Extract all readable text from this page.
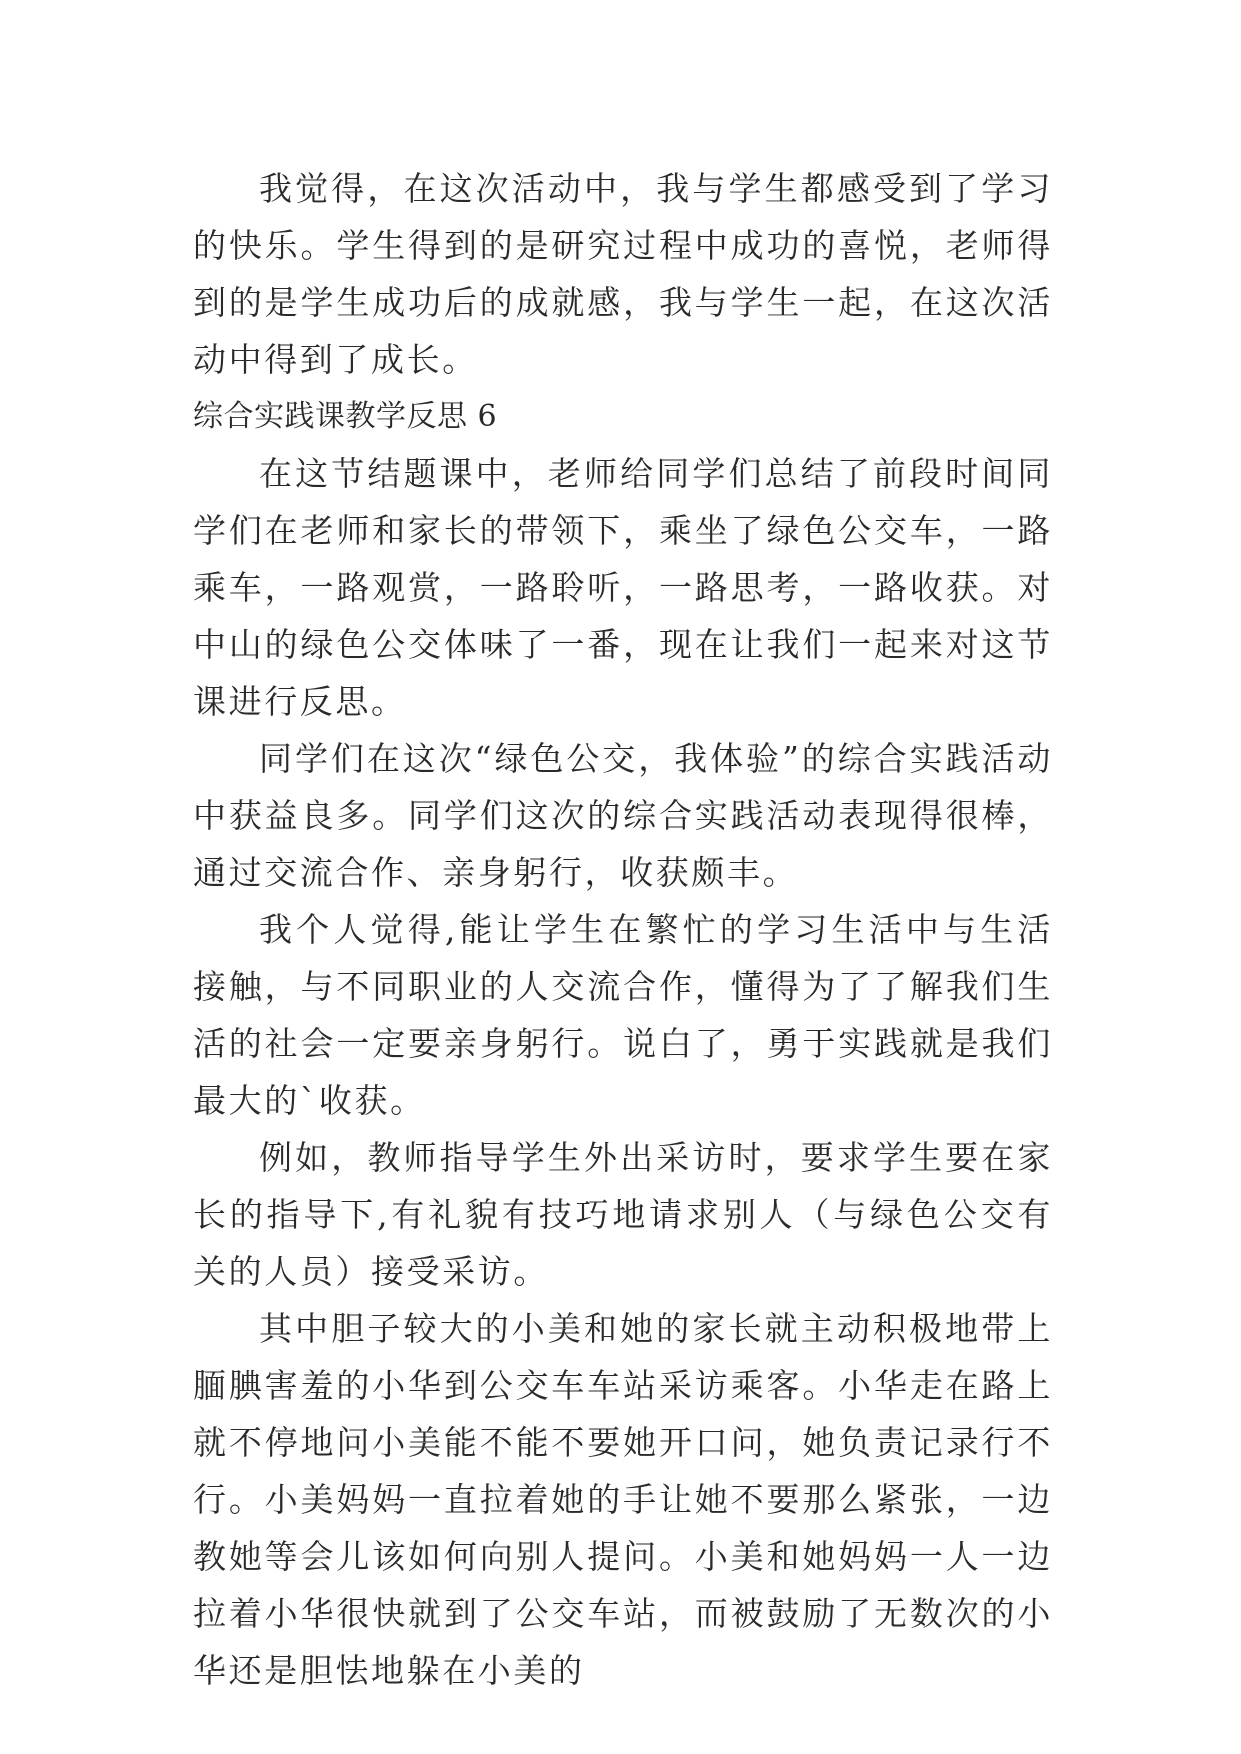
我觉得，在这次活动中，我与学生都感受到了学习的快乐。学生得到的是研究过程中成功的喜悦，老师得到的是学生成功后的成就感，我与学生一起，在这次活动中得到了成长。

综合实践课教学反思 6

在这节结题课中，老师给同学们总结了前段时间同学们在老师和家长的带领下，乘坐了绿色公交车，一路乘车，一路观赏，一路聆听，一路思考，一路收获。对中山的绿色公交体味了一番，现在让我们一起来对这节课进行反思。

同学们在这次“绿色公交，我体验”的综合实践活动中获益良多。同学们这次的综合实践活动表现得很棒，通过交流合作、亲身躬行，收获颇丰。

我个人觉得,能让学生在繁忙的学习生活中与生活接触，与不同职业的人交流合作，懂得为了了解我们生活的社会一定要亲身躬行。说白了，勇于实践就是我们最大的`收获。

例如，教师指导学生外出采访时，要求学生要在家长的指导下,有礼貌有技巧地请求别人（与绿色公交有关的人员）接受采访。

其中胆子较大的小美和她的家长就主动积极地带上腼腆害羞的小华到公交车车站采访乘客。小华走在路上就不停地问小美能不能不要她开口问，她负责记录行不行。小美妈妈一直拉着她的手让她不要那么紧张，一边教她等会儿该如何向别人提问。小美和她妈妈一人一边拉着小华很快就到了公交车站，而被鼓励了无数次的小华还是胆怯地躲在小美的
